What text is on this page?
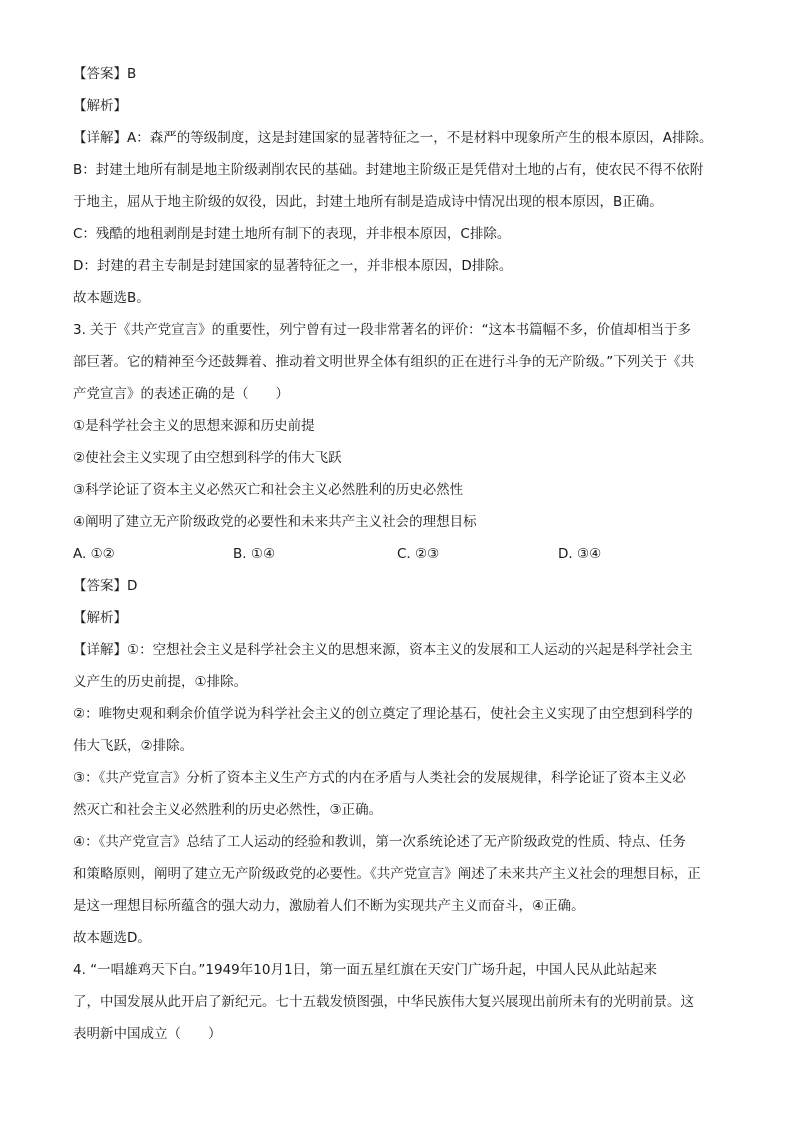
【答案】B
【解析】
【详解】A：森严的等级制度，这是封建国家的显著特征之一，不是材料中现象所产生的根本原因，A排除。
B：封建土地所有制是地主阶级剥削农民的基础。封建地主阶级正是凭借对土地的占有，使农民不得不依附
于地主，屈从于地主阶级的奴役，因此，封建土地所有制是造成诗中情况出现的根本原因，B正确。
C：残酷的地租剥削是封建土地所有制下的表现，并非根本原因，C排除。
D：封建的君主专制是封建国家的显著特征之一，并非根本原因，D排除。
故本题选B。
3. 关于《共产党宣言》的重要性，列宁曾有过一段非常著名的评价：“这本书篇幅不多，价值却相当于多
部巨著。它的精神至今还鼓舞着、推动着文明世界全体有组织的正在进行斗争的无产阶级。”下列关于《共
产党宣言》的表述正确的是（　　）
①是科学社会主义的思想来源和历史前提
②使社会主义实现了由空想到科学的伟大飞跃
③科学论证了资本主义必然灭亡和社会主义必然胜利的历史必然性
④阐明了建立无产阶级政党的必要性和未来共产主义社会的理想目标
A. ①②	B. ①④	C. ②③	D. ③④
【答案】D
【解析】
【详解】①：空想社会主义是科学社会主义的思想来源，资本主义的发展和工人运动的兴起是科学社会主
义产生的历史前提，①排除。
②：唯物史观和剩余价值学说为科学社会主义的创立奠定了理论基石，使社会主义实现了由空想到科学的
伟大飞跃，②排除。
③：《共产党宣言》分析了资本主义生产方式的内在矛盾与人类社会的发展规律，科学论证了资本主义必
然灭亡和社会主义必然胜利的历史必然性，③正确。
④：《共产党宣言》总结了工人运动的经验和教训，第一次系统论述了无产阶级政党的性质、特点、任务
和策略原则，阐明了建立无产阶级政党的必要性。《共产党宣言》阐述了未来共产主义社会的理想目标，正
是这一理想目标所蕴含的强大动力，激励着人们不断为实现共产主义而奋斗，④正确。
故本题选D。
4. “一唱雄鸡天下白。”1949年10月1日，第一面五星红旗在天安门广场升起，中国人民从此站起来
了，中国发展从此开启了新纪元。七十五载发愤图强，中华民族伟大复兴展现出前所未有的光明前景。这
表明新中国成立（　　）
